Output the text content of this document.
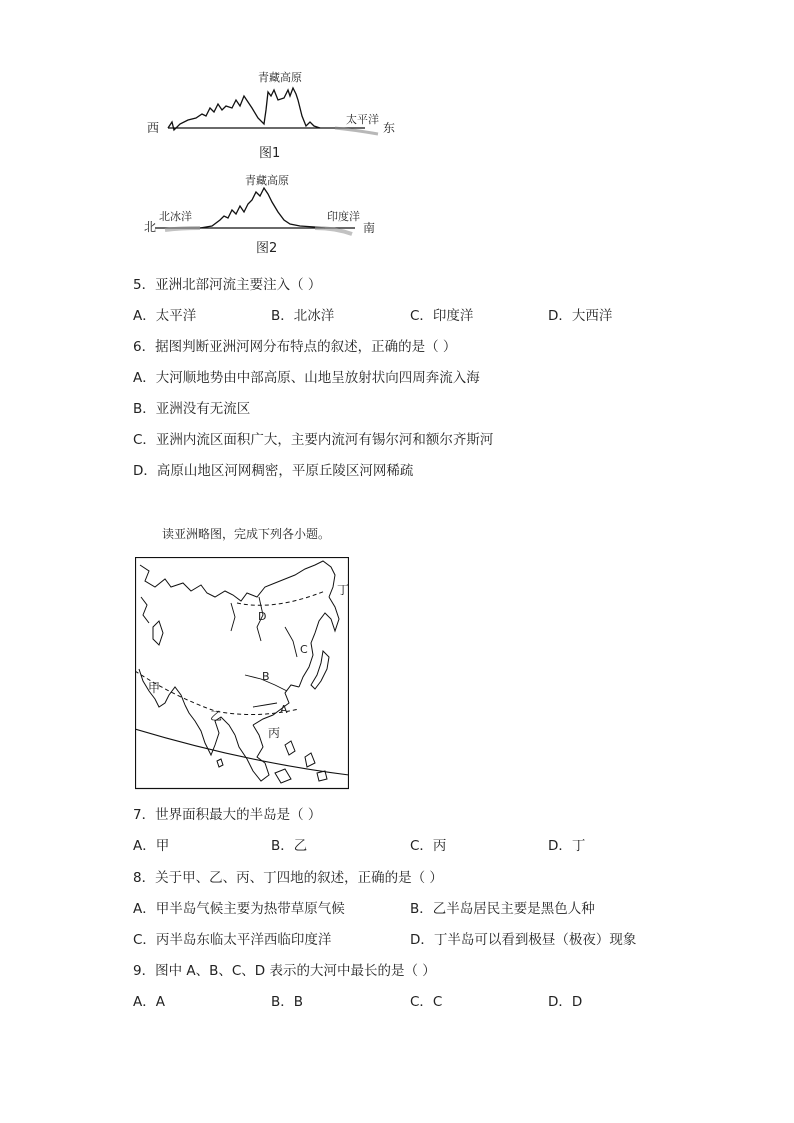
青藏高原
西
太平洋
东
图1
青藏高原
北
北冰洋	印度洋
南
图2
5．亚洲北部河流主要注入（ ）
A．太平洋	B．北冰洋	C．印度洋	D．大西洋
6．据图判断亚洲河网分布特点的叙述，正确的是（ ）
A．大河顺地势由中部高原、山地呈放射状向四周奔流入海
B．亚洲没有无流区
C．亚洲内流区面积广大，主要内流河有锡尔河和额尔齐斯河
D．高原山地区河网稠密，平原丘陵区河网稀疏
读亚洲略图，完成下列各小题。
丁
D
C
B
甲
A
乙
丙
7．世界面积最大的半岛是（ ）
A．甲	B．乙	C．丙	D．丁
8．关于甲、乙、丙、丁四地的叙述，正确的是（ ）
A．甲半岛气候主要为热带草原气候	B．乙半岛居民主要是黑色人种
C．丙半岛东临太平洋西临印度洋	D．丁半岛可以看到极昼（极夜）现象
9．图中 A、B、C、D 表示的大河中最长的是（ ）
A．A	B．B	C．C	D．D
